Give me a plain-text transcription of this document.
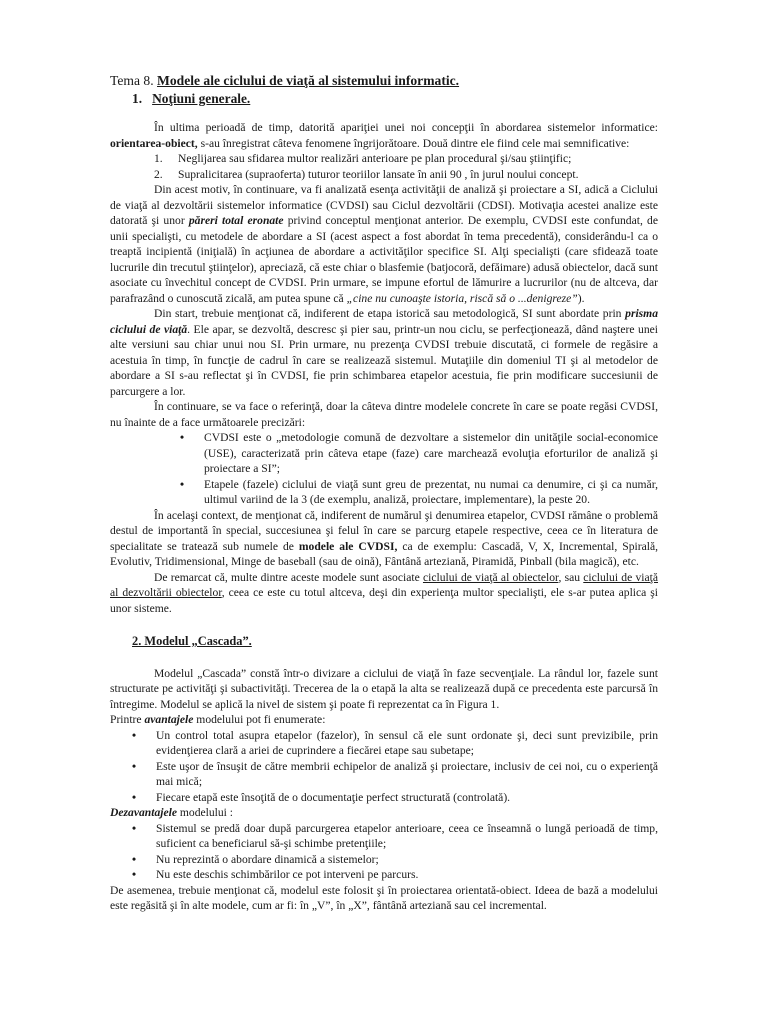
Tema 8. Modele ale ciclului de viaţă al sistemului informatic.

1. Noţiuni generale.

În ultima perioadă de timp, datorită apariţiei unei noi concepţii în abordarea sistemelor informatice: orientarea-obiect, s-au înregistrat câteva fenomene îngrijorătoare. Două dintre ele fiind cele mai semnificative:

1. Neglijarea sau sfidarea multor realizări anterioare pe plan procedural şi/sau ştiinţific;
2. Supralicitarea (supraoferta) tuturor teoriilor lansate în anii 90 , în jurul noului concept.

Din acest motiv, în continuare, va fi analizată esenţa activităţii de analiză şi proiectare a SI, adică a Ciclului de viaţă al dezvoltării sistemelor informatice (CVDSI) sau Ciclul dezvoltării (CDSI). Motivaţia acestei analize este datorată şi unor păreri total eronate privind conceptul menţionat anterior. De exemplu, CVDSI este confundat, de unii specialişti, cu metodele de abordare a SI (acest aspect a fost abordat în tema precedentă), considerându-l ca o treaptă incipientă (iniţială) în acţiunea de abordare a activităţilor specifice SI. Alţi specialişti (care sfidează toate lucrurile din trecutul ştiinţelor), apreciază, că este chiar o blasfemie (batjocoră, defăimare) adusă obiectelor, dacă sunt asociate cu învechitul concept de CVDSI. Prin urmare, se impune efortul de lămurire a lucrurilor (nu de altceva, dar parafrazând o cunoscută zicală, am putea spune că „cine nu cunoaşte istoria, riscă să o ...denigreze”).

Din start, trebuie menţionat că, indiferent de etapa istorică sau metodologică, SI sunt abordate prin prisma ciclului de viaţă. Ele apar, se dezvoltă, descresc şi pier sau, printr-un nou ciclu, se perfecţionează, dând naştere unei alte versiuni sau chiar unui nou SI. Prin urmare, nu prezenţa CVDSI trebuie discutată, ci formele de regăsire a acestuia în timp, în funcţie de cadrul în care se realizează sistemul. Mutaţiile din domeniul TI şi al metodelor de abordare a SI s-au reflectat şi în CVDSI, fie prin schimbarea etapelor acestuia, fie prin modificare succesiunii de parcurgere a lor.

În continuare, se va face o referinţă, doar la câteva dintre modelele concrete în care se poate regăsi CVDSI, nu înainte de a face următoarele precizări:

• CVDSI este o „metodologie comună de dezvoltare a sistemelor din unităţile social-economice (USE), caracterizată prin câteva etape (faze) care marchează evoluţia eforturilor de analiză şi proiectare a SI”;
• Etapele (fazele) ciclului de viaţă sunt greu de prezentat, nu numai ca denumire, ci şi ca număr, ultimul variind de la 3 (de exemplu, analiză, proiectare, implementare), la peste 20.

În acelaşi context, de menţionat că, indiferent de numărul şi denumirea etapelor, CVDSI rămâne o problemă destul de importantă în special, succesiunea şi felul în care se parcurg etapele respective, ceea ce în literatura de specialitate se tratează sub numele de modele ale CVDSI, ca de exemplu: Cascadă, V, X, Incremental, Spirală, Evolutiv, Tridimensional, Minge de baseball (sau de oină), Fântână arteziană, Piramidă, Pinball (bila magică), etc.

De remarcat că, multe dintre aceste modele sunt asociate ciclului de viaţă al obiectelor, sau ciclului de viaţă al dezvoltării obiectelor, ceea ce este cu totul altceva, deşi din experienţa multor specialişti, ele s-ar putea aplica şi unor sisteme.

2. Modelul „Cascada”.

Modelul „Cascada” constă într-o divizare a ciclului de viaţă în faze secvenţiale. La rândul lor, fazele sunt structurate pe activităţi şi subactivităţi. Trecerea de la o etapă la alta se realizează după ce precedenta este parcursă în întregime. Modelul se aplică la nivel de sistem şi poate fi reprezentat ca în Figura 1.

Printre avantajele modelului pot fi enumerate:

• Un control total asupra etapelor (fazelor), în sensul că ele sunt ordonate şi, deci sunt previzibile, prin evidenţierea clară a ariei de cuprindere a fiecărei etape sau subetape;
• Este uşor de însuşit de către membrii echipelor de analiză şi proiectare, inclusiv de cei noi, cu o experienţă mai mică;
• Fiecare etapă este însoţită de o documentaţie perfect structurată (controlată).

Dezavantajele modelului :

• Sistemul se predă doar după parcurgerea etapelor anterioare, ceea ce înseamnă o lungă perioadă de timp, suficient ca beneficiarul să-şi schimbe pretenţiile;
• Nu reprezintă o abordare dinamică a sistemelor;
• Nu este deschis schimbărilor ce pot interveni pe parcurs.

De asemenea, trebuie menţionat că, modelul este folosit şi în proiectarea orientată-obiect. Ideea de bază a modelului este regăsită şi în alte modele, cum ar fi: în „V”, în „X”, fântână arteziană sau cel incremental.
